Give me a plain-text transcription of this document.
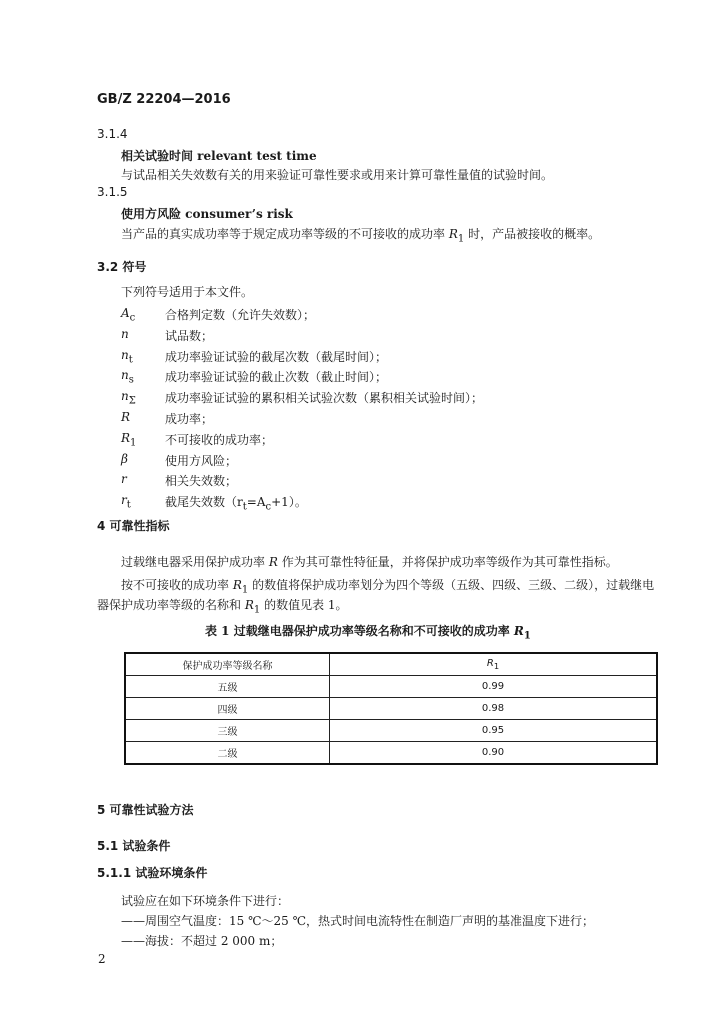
GB/Z 22204—2016
3.1.4
相关试验时间 relevant test time
与试品相关失效数有关的用来验证可靠性要求或用来计算可靠性量值的试验时间。
3.1.5
使用方风险 consumer’s risk
当产品的真实成功率等于规定成功率等级的不可接收的成功率 $R_1$ 时，产品被接收的概率。
3.2 符号
下列符号适用于本文件。
$A_c$	合格判定数（允许失效数）；
n	试品数；
$n_t$	成功率验证试验的截尾次数（截尾时间）；
$n_s$	成功率验证试验的截止次数（截止时间）；
$n_\Sigma$	成功率验证试验的累积相关试验次数（累积相关试验时间）；
R	成功率；
$R_1$	不可接收的成功率；
β	使用方风险；
r	相关失效数；
$r_t$	截尾失效数$(r_t=A_c+1)$。
4 可靠性指标
过载继电器采用保护成功率 R 作为其可靠性特征量，并将保护成功率等级作为其可靠性指标。
按不可接收的成功率 $R_1$ 的数值将保护成功率划分为四个等级（五级、四级、三级、二级），过载继电
器保护成功率等级的名称和 $R_1$ 的数值见表 1。
表 1 过载继电器保护成功率等级名称和不可接收的成功率 $R_1$
保护成功率等级名称	$R_1$
五级	0.99
四级	0.98
三级	0.95
二级	0.90
5 可靠性试验方法
5.1 试验条件
5.1.1 试验环境条件
试验应在如下环境条件下进行：
——周围空气温度：15 ℃～25 ℃，热式时间电流特性在制造厂声明的基准温度下进行；
——海拔：不超过 2 000 m；
2
